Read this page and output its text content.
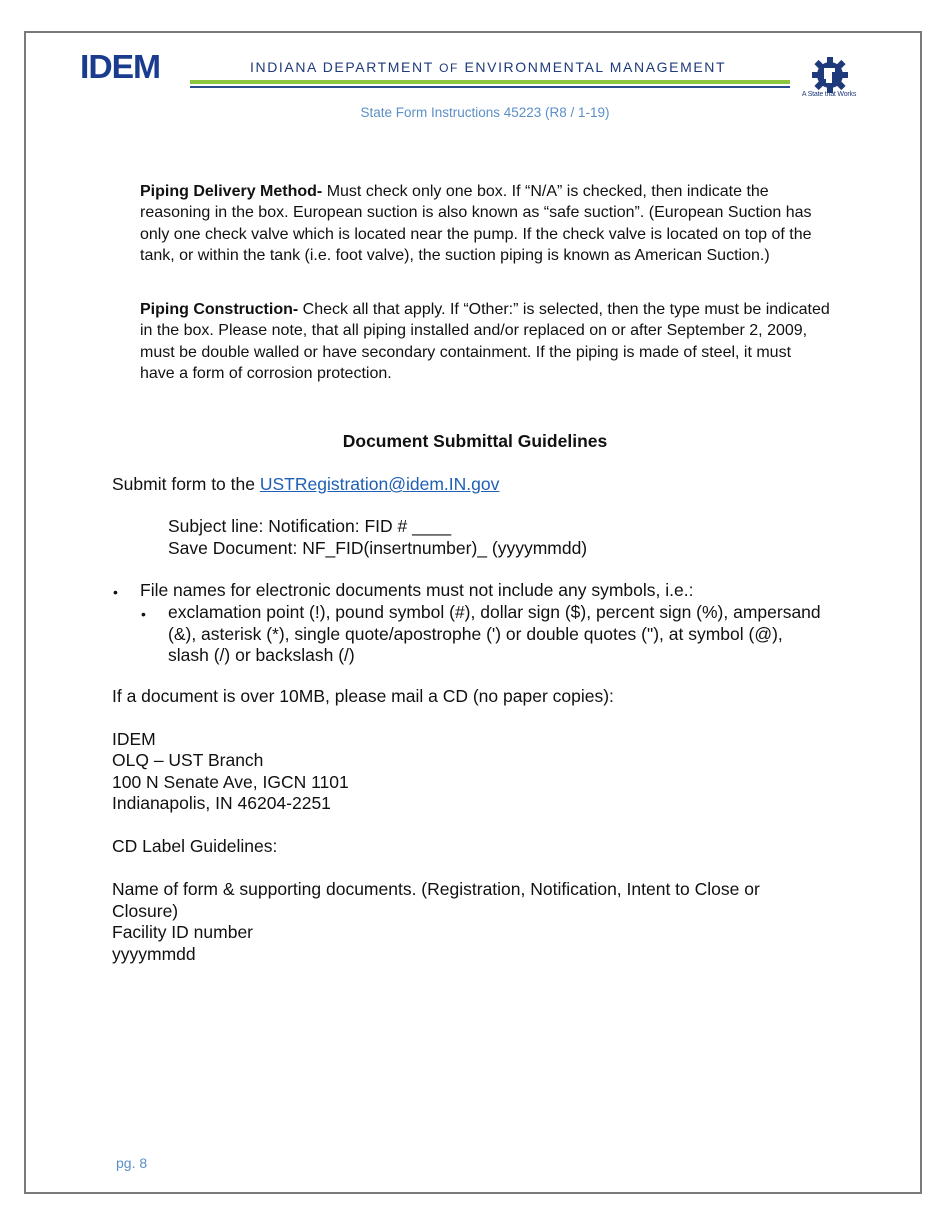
IDEM	INDIANA DEPARTMENT OF ENVIRONMENTAL MANAGEMENT
A State that Works
State Form Instructions 45223 (R8 / 1-19)

Piping Delivery Method- Must check only one box. If “N/A” is checked, then indicate the reasoning in the box. European suction is also known as “safe suction”. (European Suction has only one check valve which is located near the pump. If the check valve is located on top of the tank, or within the tank (i.e. foot valve), the suction piping is known as American Suction.)

Piping Construction- Check all that apply. If “Other:” is selected, then the type must be indicated in the box. Please note, that all piping installed and/or replaced on or after September 2, 2009, must be double walled or have secondary containment. If the piping is made of steel, it must have a form of corrosion protection.

Document Submittal Guidelines
Submit form to the USTRegistration@idem.IN.gov
Subject line: Notification: FID # ____
Save Document: NF_FID(insertnumber)_ (yyyymmdd)
• File names for electronic documents must not include any symbols, i.e.:
• exclamation point (!), pound symbol (#), dollar sign ($), percent sign (%), ampersand (&), asterisk (*), single quote/apostrophe (') or double quotes ("), at symbol (@), slash (/) or backslash (/)
If a document is over 10MB, please mail a CD (no paper copies):
IDEM
OLQ – UST Branch
100 N Senate Ave, IGCN 1101
Indianapolis, IN 46204-2251
CD Label Guidelines:
Name of form & supporting documents. (Registration, Notification, Intent to Close or Closure)
Facility ID number
yyyymmdd
pg. 8
